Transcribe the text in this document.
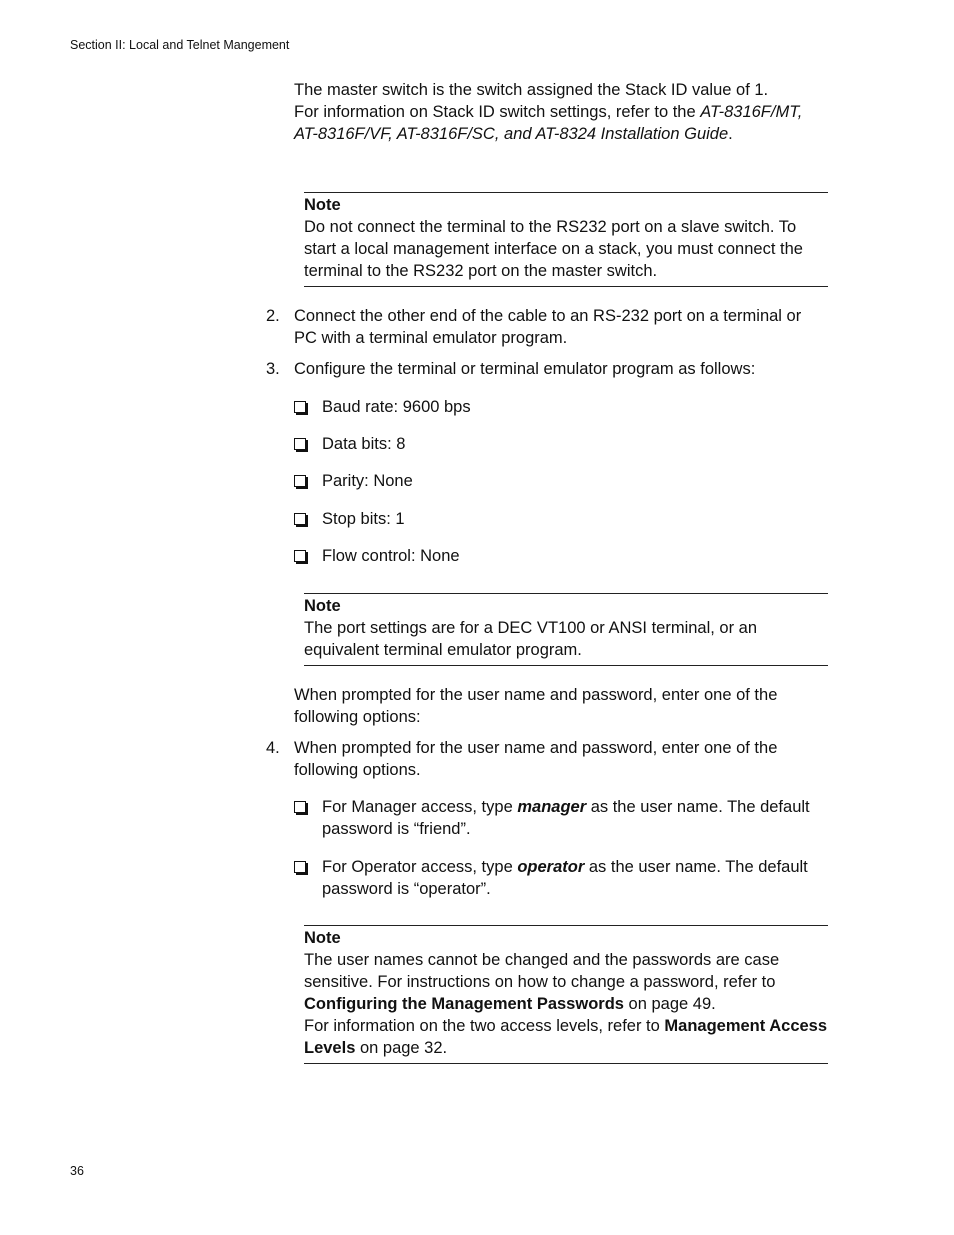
Section II: Local and Telnet Mangement
The master switch is the switch assigned the Stack ID value of 1.
For information on Stack ID switch settings, refer to the AT-8316F/MT, AT-8316F/VF, AT-8316F/SC, and AT-8324 Installation Guide.
Note
Do not connect the terminal to the RS232 port on a slave switch. To start a local management interface on a stack, you must connect the terminal to the RS232 port on the master switch.
2. Connect the other end of the cable to an RS-232 port on a terminal or PC with a terminal emulator program.
3. Configure the terminal or terminal emulator program as follows:
Baud rate: 9600 bps
Data bits: 8
Parity: None
Stop bits: 1
Flow control: None
Note
The port settings are for a DEC VT100 or ANSI terminal, or an equivalent terminal emulator program.
When prompted for the user name and password, enter one of the following options:
4. When prompted for the user name and password, enter one of the following options.
For Manager access, type manager as the user name. The default password is “friend”.
For Operator access, type operator as the user name. The default password is “operator”.
Note
The user names cannot be changed and the passwords are case sensitive. For instructions on how to change a password, refer to Configuring the Management Passwords on page 49.
For information on the two access levels, refer to Management Access Levels on page 32.
36
